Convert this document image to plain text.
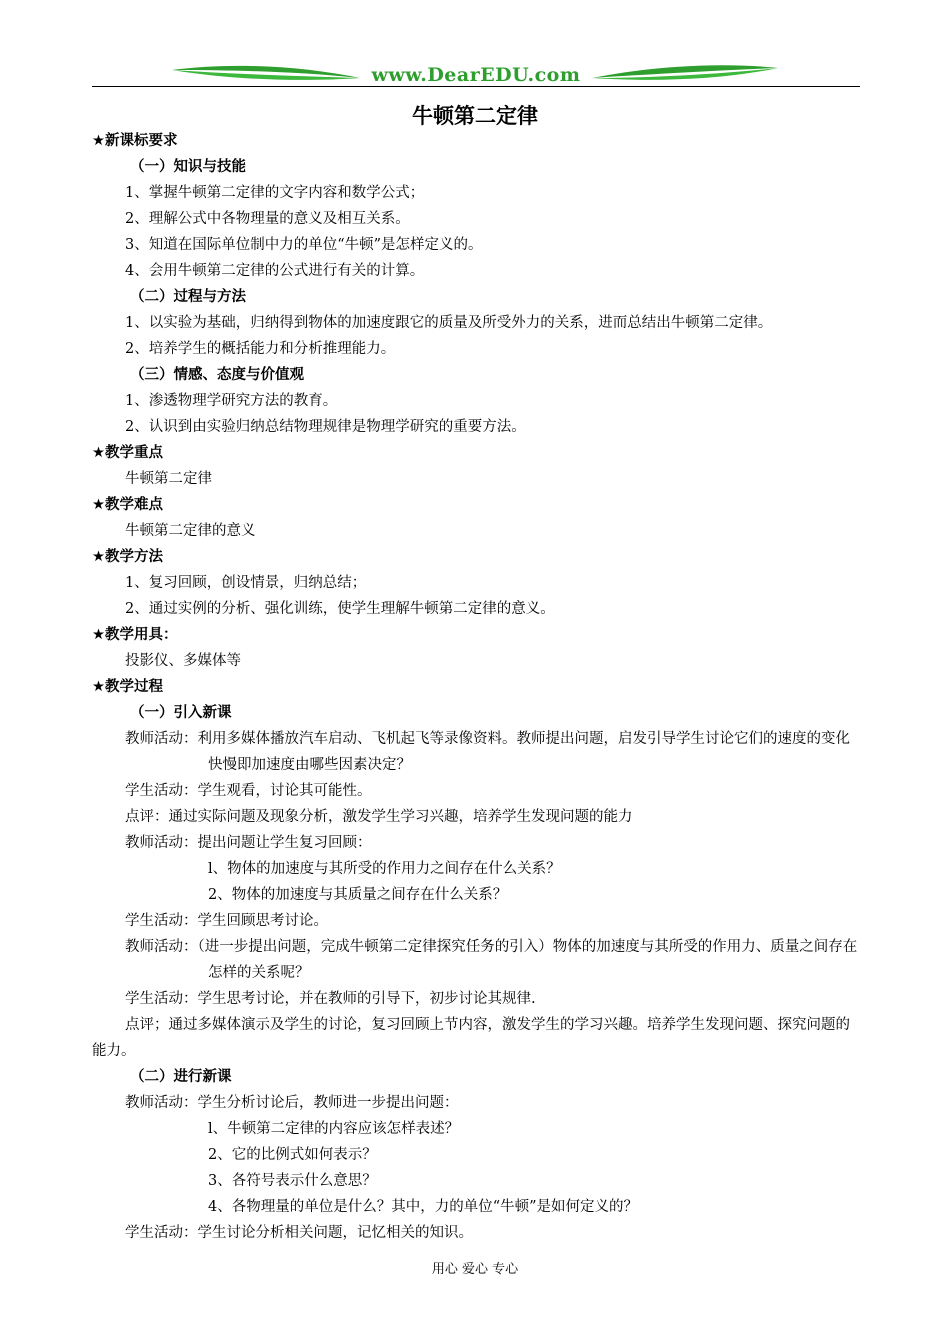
www.DearEDU.com
牛顿第二定律
★新课标要求
（一）知识与技能
1、掌握牛顿第二定律的文字内容和数学公式；
2、理解公式中各物理量的意义及相互关系。
3、知道在国际单位制中力的单位“牛顿”是怎样定义的。
4、会用牛顿第二定律的公式进行有关的计算。
（二）过程与方法
1、以实验为基础，归纳得到物体的加速度跟它的质量及所受外力的关系，进而总结出牛顿第二定律。
2、培养学生的概括能力和分析推理能力。
（三）情感、态度与价值观
1、渗透物理学研究方法的教育。
2、认识到由实验归纳总结物理规律是物理学研究的重要方法。
★教学重点
牛顿第二定律
★教学难点
牛顿第二定律的意义
★教学方法
1、复习回顾，创设情景，归纳总结；
2、通过实例的分析、强化训练，使学生理解牛顿第二定律的意义。
★教学用具：
投影仪、多媒体等
★教学过程
（一）引入新课
教师活动：利用多媒体播放汽车启动、飞机起飞等录像资料。教师提出问题，启发引导学生讨论它们的速度的变化快慢即加速度由哪些因素决定？
学生活动：学生观看，讨论其可能性。
点评：通过实际问题及现象分析，激发学生学习兴趣，培养学生发现问题的能力
教师活动：提出问题让学生复习回顾：
l、物体的加速度与其所受的作用力之间存在什么关系？
2、物体的加速度与其质量之间存在什么关系？
学生活动：学生回顾思考讨论。
教师活动：（进一步提出问题，完成牛顿第二定律探究任务的引入）物体的加速度与其所受的作用力、质量之间存在怎样的关系呢？
学生活动：学生思考讨论，并在教师的引导下，初步讨论其规律.
点评；通过多媒体演示及学生的讨论，复习回顾上节内容，激发学生的学习兴趣。培养学生发现问题、探究问题的能力。
（二）进行新课
教师活动：学生分析讨论后，教师进一步提出问题：
l、牛顿第二定律的内容应该怎样表述？
2、它的比例式如何表示？
3、各符号表示什么意思？
4、各物理量的单位是什么？其中，力的单位“牛顿”是如何定义的？
学生活动：学生讨论分析相关问题，记忆相关的知识。
用心 爱心 专心
